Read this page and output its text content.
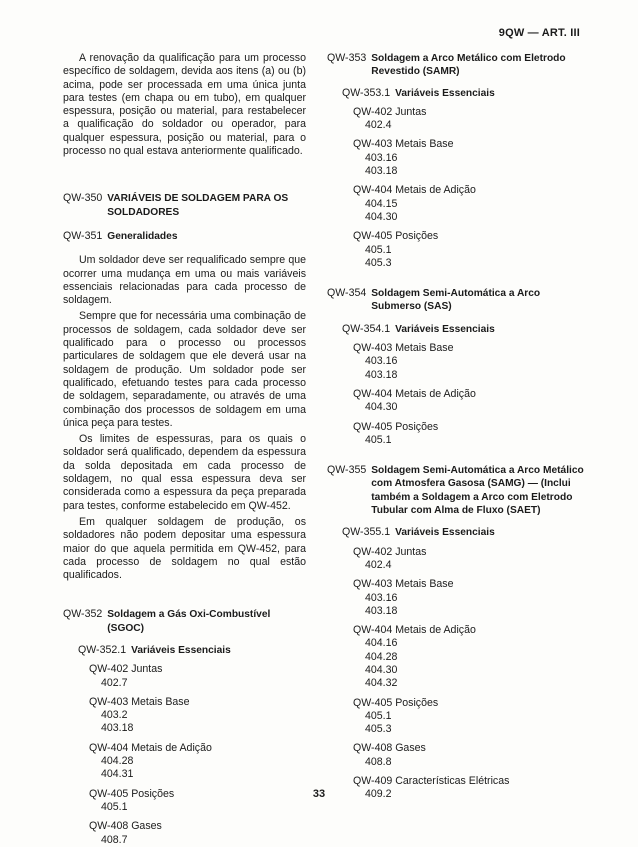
9QW — ART. III

A renovação da qualificação para um processo específico de soldagem, devida aos itens (a) ou (b) acima, pode ser processada em uma única junta para testes (em chapa ou em tubo), em qualquer espessura, posição ou material, para restabelecer a qualificação do soldador ou operador, para qualquer espessura, posição ou material, para o processo no qual estava anteriormente qualificado.

QW-350 VARIÁVEIS DE SOLDAGEM PARA OS SOLDADORES
QW-351 Generalidades

Um soldador deve ser requalificado sempre que ocorrer uma mudança em uma ou mais variáveis essenciais relacionadas para cada processo de soldagem.

Sempre que for necessária uma combinação de processos de soldagem, cada soldador deve ser qualificado para o processo ou processos particulares de soldagem que ele deverá usar na soldagem de produção. Um soldador pode ser qualificado, efetuando testes para cada processo de soldagem, separadamente, ou através de uma combinação dos processos de soldagem em uma única peça para testes.

Os limites de espessuras, para os quais o soldador será qualificado, dependem da espessura da solda depositada em cada processo de soldagem, no qual essa espessura deva ser considerada como a espessura da peça preparada para testes, conforme estabelecido em QW-452.

Em qualquer soldagem de produção, os soldadores não podem depositar uma espessura maior do que aquela permitida em QW-452, para cada processo de soldagem no qual estão qualificados.

QW-352 Soldagem a Gás Oxi-Combustível (SGOC)
QW-352.1 Variáveis Essenciais
QW-402 Juntas
402.7
QW-403 Metais Base
403.2
403.18
QW-404 Metais de Adição
404.28
404.31
QW-405 Posições
405.1
QW-408 Gases
408.7
QW-353 Soldagem a Arco Metálico com Eletrodo Revestido (SAMR)
QW-353.1 Variáveis Essenciais
QW-402 Juntas
402.4
QW-403 Metais Base
403.16
403.18
QW-404 Metais de Adição
404.15
404.30
QW-405 Posições
405.1
405.3
QW-354 Soldagem Semi-Automática a Arco Submerso (SAS)
QW-354.1 Variáveis Essenciais
QW-403 Metais Base
403.16
403.18
QW-404 Metais de Adição
404.30
QW-405 Posições
405.1
QW-355 Soldagem Semi-Automática a Arco Metálico com Atmosfera Gasosa (SAMG) — (Inclui também a Soldagem a Arco com Eletrodo Tubular com Alma de Fluxo (SAET)
QW-355.1 Variáveis Essenciais
QW-402 Juntas
402.4
QW-403 Metais Base
403.16
403.18
QW-404 Metais de Adição
404.16
404.28
404.30
404.32
QW-405 Posições
405.1
405.3
QW-408 Gases
408.8
QW-409 Características Elétricas
409.2
33
